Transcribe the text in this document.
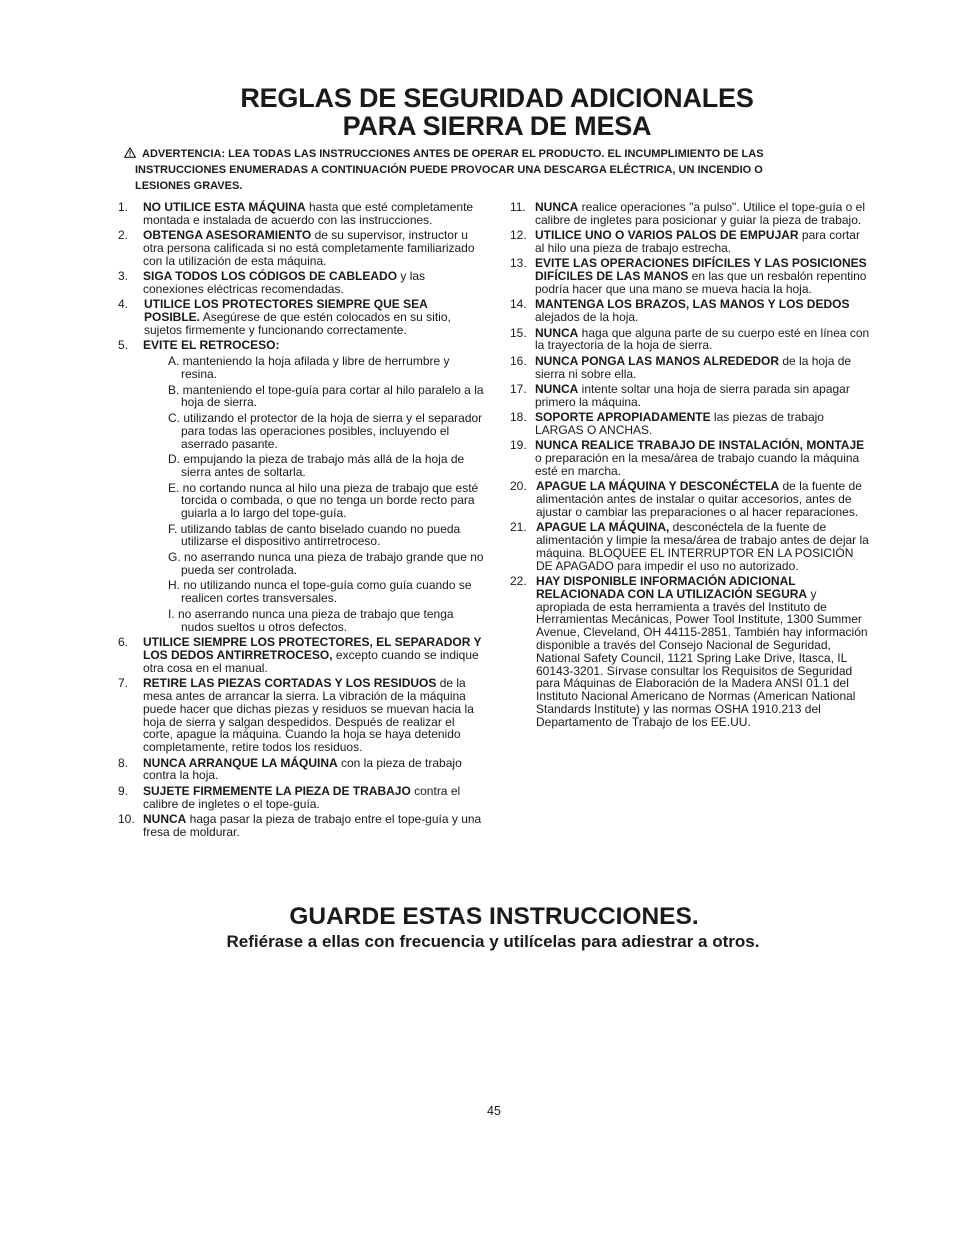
REGLAS DE SEGURIDAD ADICIONALES
PARA SIERRA DE MESA
ADVERTENCIA: LEA TODAS LAS INSTRUCCIONES ANTES DE OPERAR EL PRODUCTO. EL INCUMPLIMIENTO DE LAS
INSTRUCCIONES ENUMERADAS A CONTINUACIÓN PUEDE PROVOCAR UNA DESCARGA ELÉCTRICA, UN INCENDIO O
LESIONES GRAVES.
1. NO UTILICE ESTA MÁQUINA hasta que esté completamente montada e instalada de acuerdo con las instrucciones.
2. OBTENGA ASESORAMIENTO de su supervisor, instructor u otra persona calificada si no está completamente familiarizado con la utilización de esta máquina.
3. SIGA TODOS LOS CÓDIGOS DE CABLEADO y las conexiones eléctricas recomendadas.
4. UTILICE LOS PROTECTORES SIEMPRE QUE SEA POSIBLE. Asegúrese de que estén colocados en su sitio, sujetos firmemente y funcionando correctamente.
5. EVITE EL RETROCESO:
A. manteniendo la hoja afilada y libre de herrumbre y resina.
B. manteniendo el tope-guía para cortar al hilo paralelo a la hoja de sierra.
C. utilizando el protector de la hoja de sierra y el separador para todas las operaciones posibles, incluyendo el aserrado pasante.
D. empujando la pieza de trabajo más allá de la hoja de sierra antes de soltarla.
E. no cortando nunca al hilo una pieza de trabajo que esté torcida o combada, o que no tenga un borde recto para guiarla a lo largo del tope-guía.
F. utilizando tablas de canto biselado cuando no pueda utilizarse el dispositivo antirretroceso.
G. no aserrando nunca una pieza de trabajo grande que no pueda ser controlada.
H. no utilizando nunca el tope-guía como guía cuando se realicen cortes transversales.
I. no aserrando nunca una pieza de trabajo que tenga nudos sueltos u otros defectos.
6. UTILICE SIEMPRE LOS PROTECTORES, EL SEPARADOR Y LOS DEDOS ANTIRRETROCESO, excepto cuando se indique otra cosa en el manual.
7. RETIRE LAS PIEZAS CORTADAS Y LOS RESIDUOS de la mesa antes de arrancar la sierra. La vibración de la máquina puede hacer que dichas piezas y residuos se muevan hacia la hoja de sierra y salgan despedidos. Después de realizar el corte, apague la máquina. Cuando la hoja se haya detenido completamente, retire todos los residuos.
8. NUNCA ARRANQUE LA MÁQUINA con la pieza de trabajo contra la hoja.
9. SUJETE FIRMEMENTE LA PIEZA DE TRABAJO contra el calibre de ingletes o el tope-guía.
10. NUNCA haga pasar la pieza de trabajo entre el tope-guía y una fresa de moldurar.
11. NUNCA realice operaciones "a pulso". Utilice el tope-guía o el calibre de ingletes para posicionar y guiar la pieza de trabajo.
12. UTILICE UNO O VARIOS PALOS DE EMPUJAR para cortar al hilo una pieza de trabajo estrecha.
13. EVITE LAS OPERACIONES DIFÍCILES Y LAS POSICIONES DIFÍCILES DE LAS MANOS en las que un resbalón repentino podría hacer que una mano se mueva hacia la hoja.
14. MANTENGA LOS BRAZOS, LAS MANOS Y LOS DEDOS alejados de la hoja.
15. NUNCA haga que alguna parte de su cuerpo esté en línea con la trayectoria de la hoja de sierra.
16. NUNCA PONGA LAS MANOS ALREDEDOR de la hoja de sierra ni sobre ella.
17. NUNCA intente soltar una hoja de sierra parada sin apagar primero la máquina.
18. SOPORTE APROPIADAMENTE las piezas de trabajo LARGAS O ANCHAS.
19. NUNCA REALICE TRABAJO DE INSTALACIÓN, MONTAJE o preparación en la mesa/área de trabajo cuando la máquina esté en marcha.
20. APAGUE LA MÁQUINA Y DESCONÉCTELA de la fuente de alimentación antes de instalar o quitar accesorios, antes de ajustar o cambiar las preparaciones o al hacer reparaciones.
21. APAGUE LA MÁQUINA, desconéctela de la fuente de alimentación y limpie la mesa/área de trabajo antes de dejar la máquina. BLOQUEE EL INTERRUPTOR EN LA POSICIÓN DE APAGADO para impedir el uso no autorizado.
22. HAY DISPONIBLE INFORMACIÓN ADICIONAL RELACIONADA CON LA UTILIZACIÓN SEGURA y apropiada de esta herramienta a través del Instituto de Herramientas Mecánicas, Power Tool Institute, 1300 Summer Avenue, Cleveland, OH 44115-2851. También hay información disponible a través del Consejo Nacional de Seguridad, National Safety Council, 1121 Spring Lake Drive, Itasca, IL 60143-3201. Sírvase consultar los Requisitos de Seguridad para Máquinas de Elaboración de la Madera ANSI 01.1 del Instituto Nacional Americano de Normas (American National Standards Institute) y las normas OSHA 1910.213 del Departamento de Trabajo de los EE.UU.
GUARDE ESTAS INSTRUCCIONES.
Refiérase a ellas con frecuencia y utilícelas para adiestrar a otros.
45
